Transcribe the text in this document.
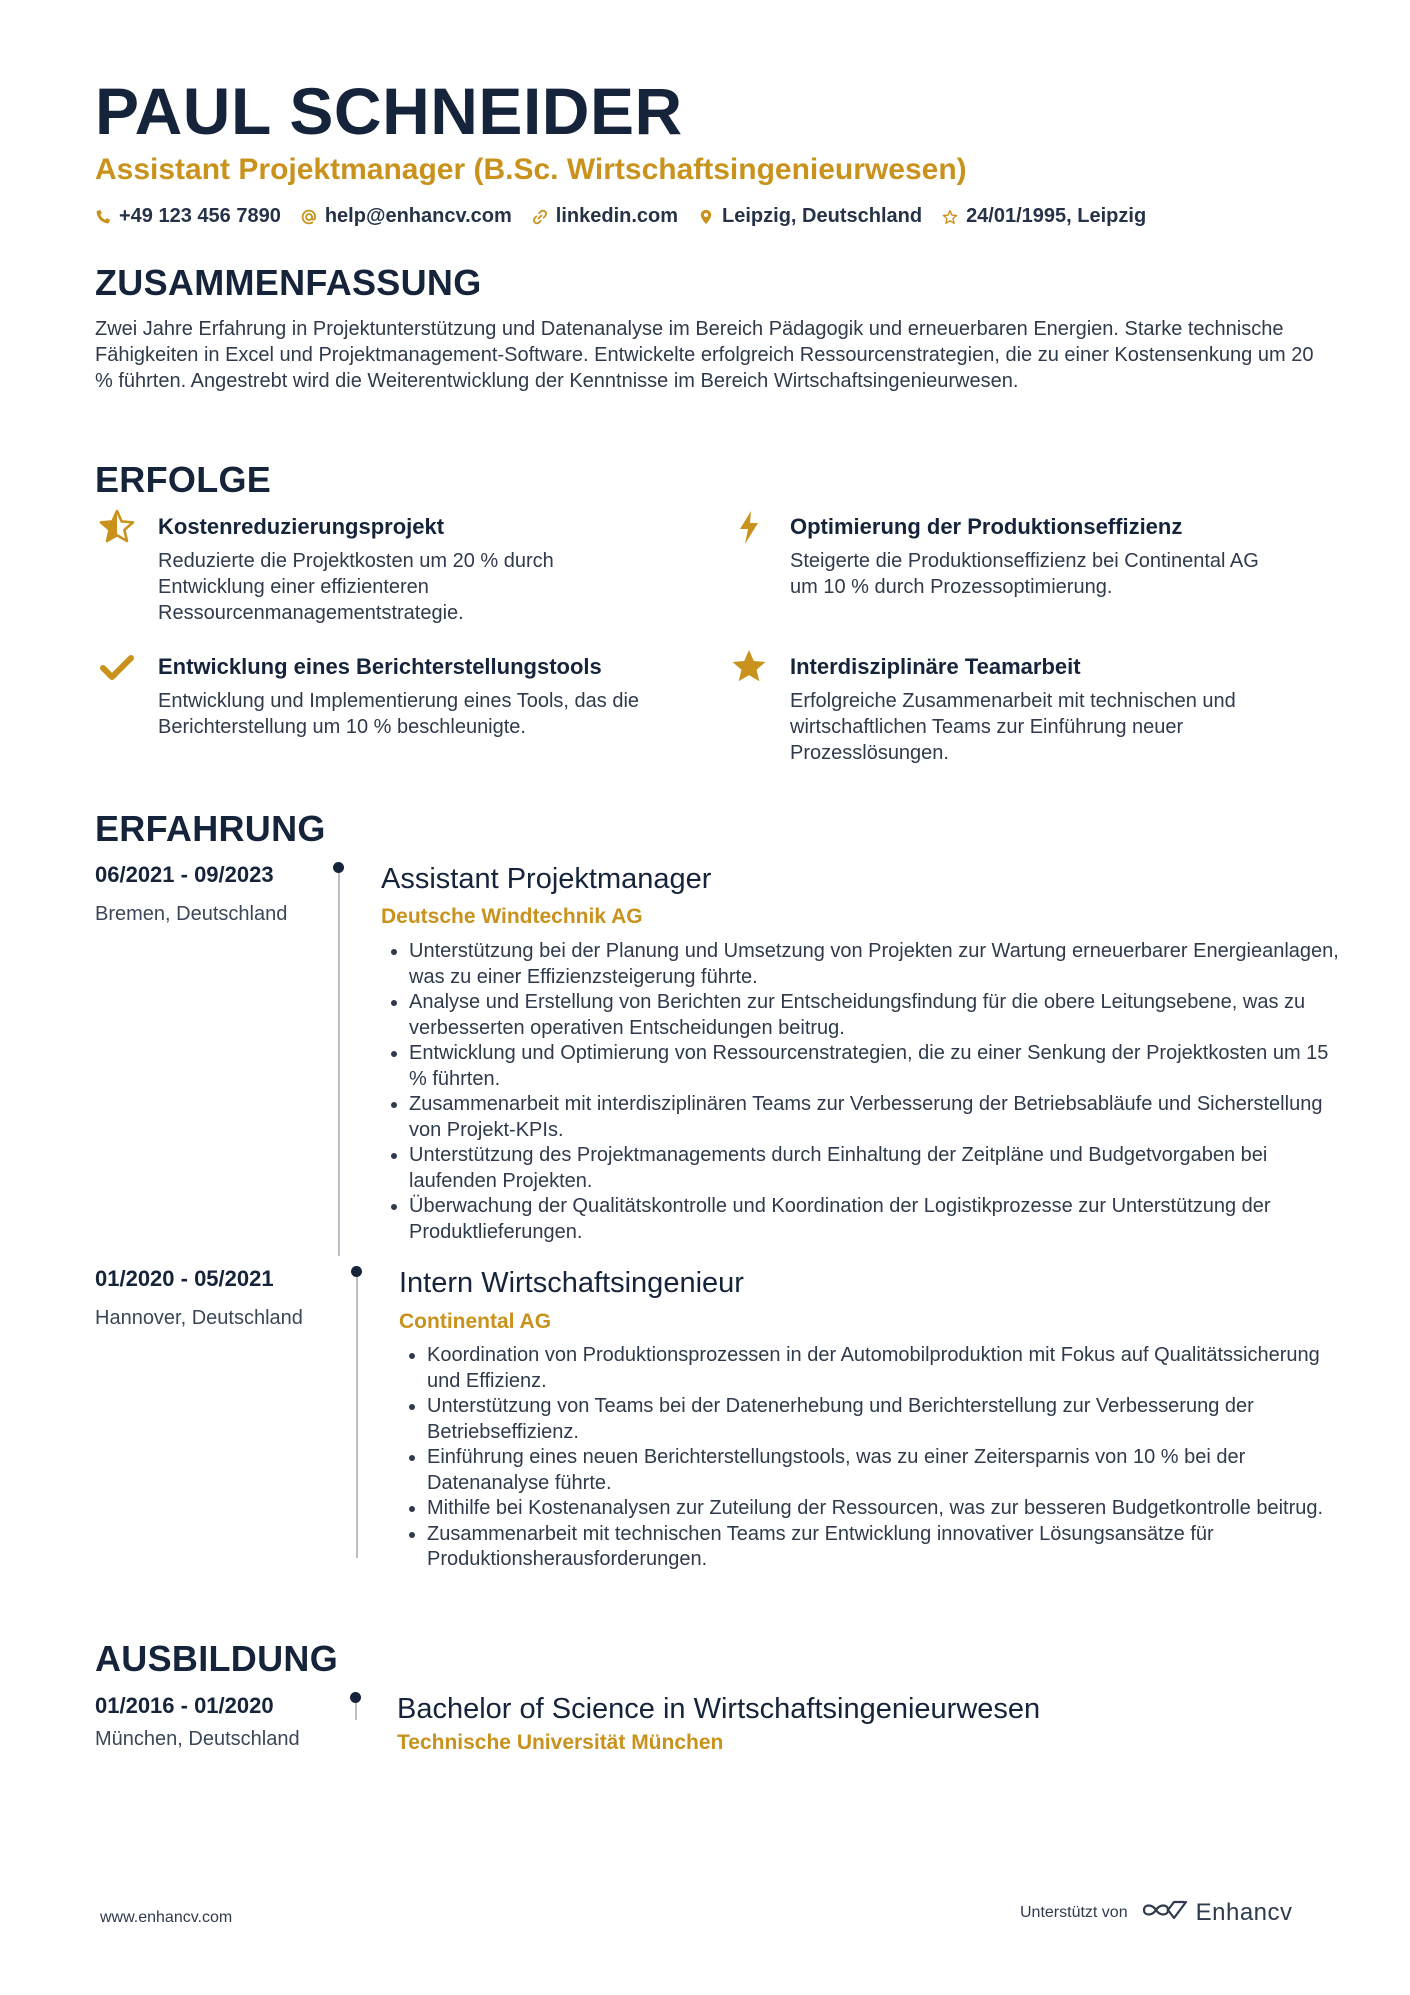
PAUL SCHNEIDER
Assistant Projektmanager (B.Sc. Wirtschaftsingenieurwesen)
+49 123 456 7890 help@enhancv.com linkedin.com Leipzig, Deutschland 24/01/1995, Leipzig
ZUSAMMENFASSUNG
Zwei Jahre Erfahrung in Projektunterstützung und Datenanalyse im Bereich Pädagogik und erneuerbaren Energien. Starke technische Fähigkeiten in Excel und Projektmanagement-Software. Entwickelte erfolgreich Ressourcenstrategien, die zu einer Kostensenkung um 20 % führten. Angestrebt wird die Weiterentwicklung der Kenntnisse im Bereich Wirtschaftsingenieurwesen.
ERFOLGE
Kostenreduzierungsprojekt
Reduzierte die Projektkosten um 20 % durch Entwicklung einer effizienteren Ressourcenmanagementstrategie.
Optimierung der Produktionseffizienz
Steigerte die Produktionseffizienz bei Continental AG um 10 % durch Prozessoptimierung.
Entwicklung eines Berichterstellungstools
Entwicklung und Implementierung eines Tools, das die Berichterstellung um 10 % beschleunigte.
Interdisziplinäre Teamarbeit
Erfolgreiche Zusammenarbeit mit technischen und wirtschaftlichen Teams zur Einführung neuer Prozesslösungen.
ERFAHRUNG
06/2021 - 09/2023
Bremen, Deutschland
Assistant Projektmanager
Deutsche Windtechnik AG
• Unterstützung bei der Planung und Umsetzung von Projekten zur Wartung erneuerbarer Energieanlagen, was zu einer Effizienzsteigerung führte.
• Analyse und Erstellung von Berichten zur Entscheidungsfindung für die obere Leitungsebene, was zu verbesserten operativen Entscheidungen beitrug.
• Entwicklung und Optimierung von Ressourcenstrategien, die zu einer Senkung der Projektkosten um 15 % führten.
• Zusammenarbeit mit interdisziplinären Teams zur Verbesserung der Betriebsabläufe und Sicherstellung von Projekt-KPIs.
• Unterstützung des Projektmanagements durch Einhaltung der Zeitpläne und Budgetvorgaben bei laufenden Projekten.
• Überwachung der Qualitätskontrolle und Koordination der Logistikprozesse zur Unterstützung der Produktlieferungen.
01/2020 - 05/2021
Hannover, Deutschland
Intern Wirtschaftsingenieur
Continental AG
• Koordination von Produktionsprozessen in der Automobilproduktion mit Fokus auf Qualitätssicherung und Effizienz.
• Unterstützung von Teams bei der Datenerhebung und Berichterstellung zur Verbesserung der Betriebseffizienz.
• Einführung eines neuen Berichterstellungstools, was zu einer Zeitersparnis von 10 % bei der Datenanalyse führte.
• Mithilfe bei Kostenanalysen zur Zuteilung der Ressourcen, was zur besseren Budgetkontrolle beitrug.
• Zusammenarbeit mit technischen Teams zur Entwicklung innovativer Lösungsansätze für Produktionsherausforderungen.
AUSBILDUNG
01/2016 - 01/2020
München, Deutschland
Bachelor of Science in Wirtschaftsingenieurwesen
Technische Universität München
www.enhancv.com	Unterstützt von	Enhancv
